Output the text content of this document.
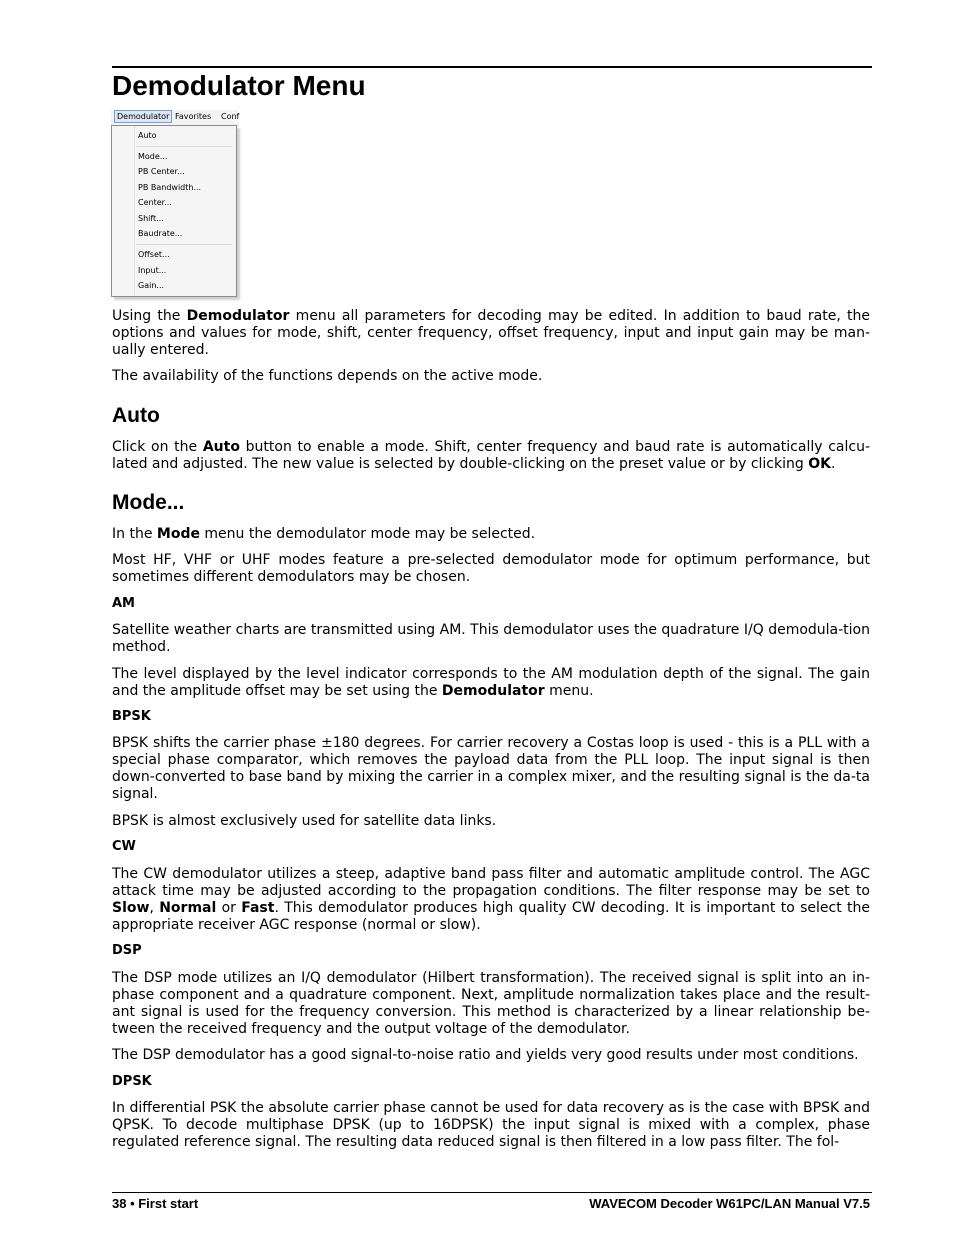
Demodulator Menu
Demodulator Favorites Conf
Auto
Mode...
PB Center...
PB Bandwidth...
Center...
Shift...
Baudrate...
Offset...
Input...
Gain...

Using the Demodulator menu all parameters for decoding may be edited. In addition to baud rate, the options and values for mode, shift, center frequency, offset frequency, input and input gain may be man-ually entered.

The availability of the functions depends on the active mode.

Auto

Click on the Auto button to enable a mode. Shift, center frequency and baud rate is automatically calcu-lated and adjusted. The new value is selected by double-clicking on the preset value or by clicking OK.

Mode...

In the Mode menu the demodulator mode may be selected.

Most HF, VHF or UHF modes feature a pre-selected demodulator mode for optimum performance, but sometimes different demodulators may be chosen.

AM

Satellite weather charts are transmitted using AM. This demodulator uses the quadrature I/Q demodula-tion method.

The level displayed by the level indicator corresponds to the AM modulation depth of the signal. The gain and the amplitude offset may be set using the Demodulator menu.

BPSK

BPSK shifts the carrier phase ±180 degrees. For carrier recovery a Costas loop is used - this is a PLL with a special phase comparator, which removes the payload data from the PLL loop. The input signal is then down-converted to base band by mixing the carrier in a complex mixer, and the resulting signal is the da-ta signal.

BPSK is almost exclusively used for satellite data links.

CW

The CW demodulator utilizes a steep, adaptive band pass filter and automatic amplitude control. The AGC attack time may be adjusted according to the propagation conditions. The filter response may be set to Slow, Normal or Fast. This demodulator produces high quality CW decoding. It is important to select the appropriate receiver AGC response (normal or slow).

DSP

The DSP mode utilizes an I/Q demodulator (Hilbert transformation). The received signal is split into an in-phase component and a quadrature component. Next, amplitude normalization takes place and the result-ant signal is used for the frequency conversion. This method is characterized by a linear relationship be-tween the received frequency and the output voltage of the demodulator.

The DSP demodulator has a good signal-to-noise ratio and yields very good results under most conditions.

DPSK

In differential PSK the absolute carrier phase cannot be used for data recovery as is the case with BPSK and QPSK. To decode multiphase DPSK (up to 16DPSK) the input signal is mixed with a complex, phase regulated reference signal. The resulting data reduced signal is then filtered in a low pass filter. The fol-

38 • First start	WAVECOM Decoder W61PC/LAN Manual V7.5
